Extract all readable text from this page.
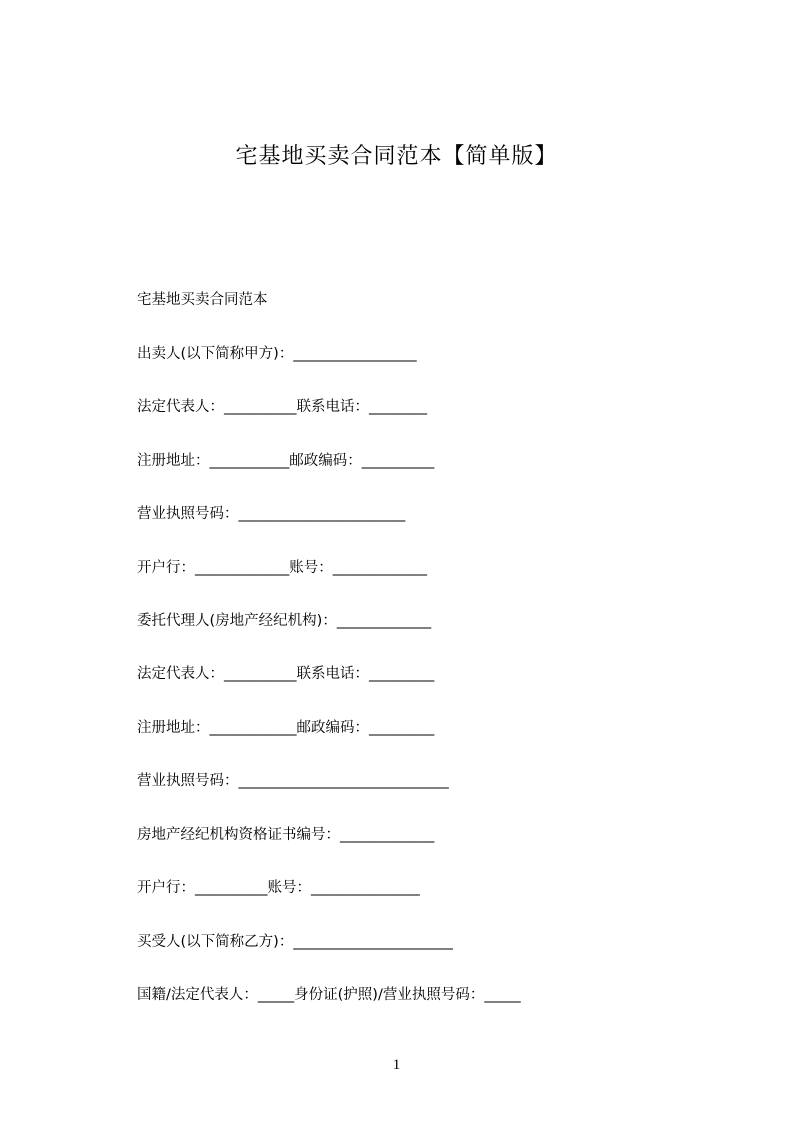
宅基地买卖合同范本【简单版】
宅基地买卖合同范本
出卖人(以下简称甲方)：_________________
法定代表人：__________联系电话：________
注册地址：___________邮政编码：__________
营业执照号码：_______________________
开户行：_____________账号：_____________
委托代理人(房地产经纪机构)：_____________
法定代表人：__________联系电话：_________
注册地址：____________邮政编码：_________
营业执照号码：_____________________________
房地产经纪机构资格证书编号：_____________
开户行：__________账号：_______________
买受人(以下简称乙方)：______________________
国籍/法定代表人：_____身份证(护照)/营业执照号码：_____
1
